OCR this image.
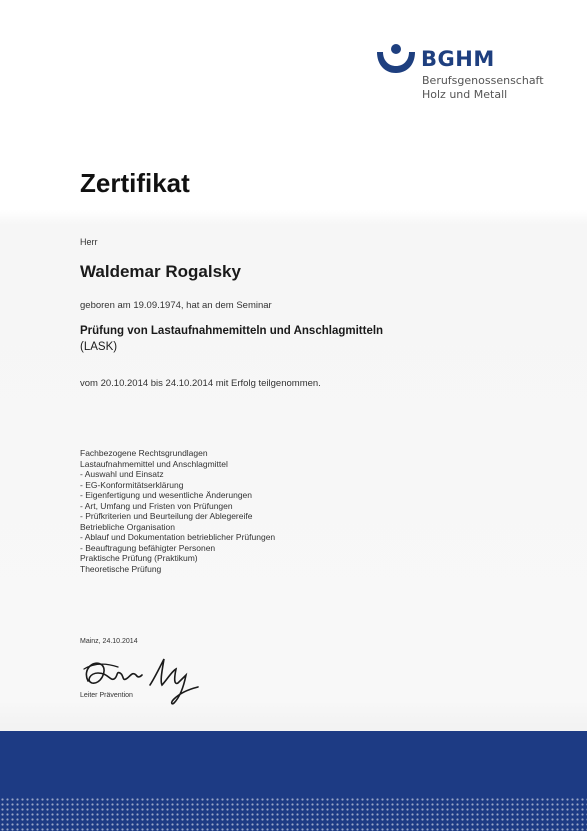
BGHM
Berufsgenossenschaft
Holz und Metall
Zertifikat
Herr
Waldemar Rogalsky
geboren am 19.09.1974, hat an dem Seminar
Prüfung von Lastaufnahmemitteln und Anschlagmitteln
(LASK)
vom 20.10.2014 bis 24.10.2014 mit Erfolg teilgenommen.
Fachbezogene Rechtsgrundlagen
Lastaufnahmemittel und Anschlagmittel
- Auswahl und Einsatz
- EG-Konformitätserklärung
- Eigenfertigung und wesentliche Änderungen
- Art, Umfang und Fristen von Prüfungen
- Prüfkriterien und Beurteilung der Ablegereife
Betriebliche Organisation
- Ablauf und Dokumentation betrieblicher Prüfungen
- Beauftragung befähigter Personen
Praktische Prüfung (Praktikum)
Theoretische Prüfung
Mainz, 24.10.2014
Leiter Prävention
